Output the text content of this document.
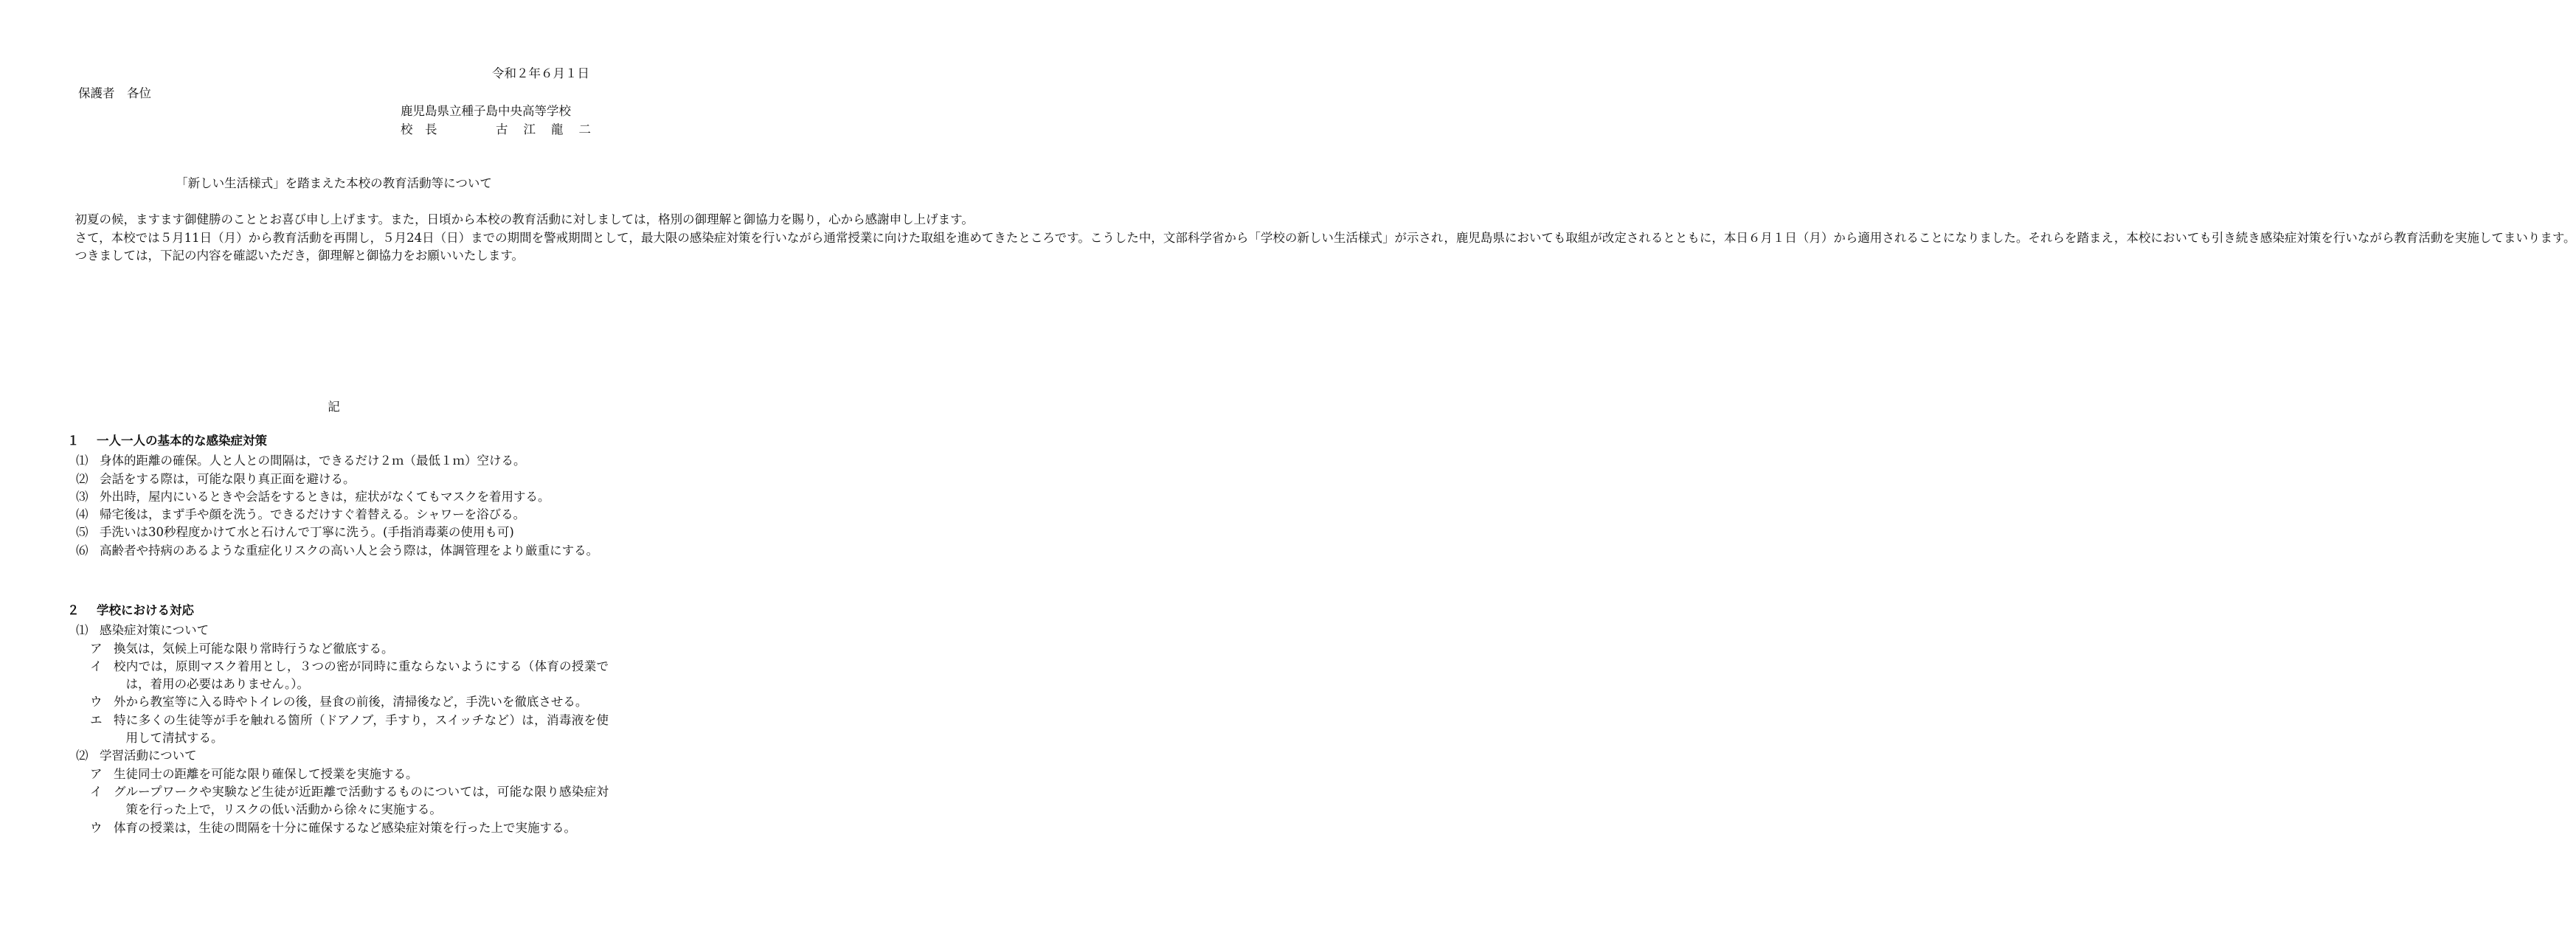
令和２年６月１日
保護者　各位
鹿児島県立種子島中央高等学校
校　長	古江龍二
「新しい生活様式」を踏まえた本校の教育活動等について

初夏の候，ますます御健勝のこととお喜び申し上げます。また，日頃から本校の教育活動に対しましては，格別の御理解と御協力を賜り，心から感謝申し上げます。

さて，本校では５月11日（月）から教育活動を再開し，５月24日（日）までの期間を警戒期間として，最大限の感染症対策を行いながら通常授業に向けた取組を進めてきたところです。こうした中，文部科学省から「学校の新しい生活様式」が示され，鹿児島県においても取組が改定されるとともに，本日６月１日（月）から適用されることになりました。それらを踏まえ，本校においても引き続き感染症対策を行いながら教育活動を実施してまいります。

つきましては，下記の内容を確認いただき，御理解と御協力をお願いいたします。

記
１ 一人一人の基本的な感染症対策
⑴ 身体的距離の確保。人と人との間隔は，できるだけ２ｍ（最低１ｍ）空ける。
⑵ 会話をする際は，可能な限り真正面を避ける。
⑶ 外出時，屋内にいるときや会話をするときは，症状がなくてもマスクを着用する。
⑷ 帰宅後は，まず手や顔を洗う。できるだけすぐ着替える。シャワーを浴びる。
⑸ 手洗いは30秒程度かけて水と石けんで丁寧に洗う。(手指消毒薬の使用も可)
⑹ 高齢者や持病のあるような重症化リスクの高い人と会う際は，体調管理をより厳重にする。
２ 学校における対応
⑴ 感染症対策について
ア 換気は，気候上可能な限り常時行うなど徹底する。
イ 校内では，原則マスク着用とし，３つの密が同時に重ならないようにする（体育の授業では，着用の必要はありません。）。
ウ 外から教室等に入る時やトイレの後，昼食の前後，清掃後など，手洗いを徹底させる。
エ 特に多くの生徒等が手を触れる箇所（ドアノブ，手すり，スイッチなど）は，消毒液を使用して清拭する。
⑵ 学習活動について
ア 生徒同士の距離を可能な限り確保して授業を実施する。
イ グループワークや実験など生徒が近距離で活動するものについては，可能な限り感染症対策を行った上で，リスクの低い活動から徐々に実施する。
ウ 体育の授業は，生徒の間隔を十分に確保するなど感染症対策を行った上で実施する。
